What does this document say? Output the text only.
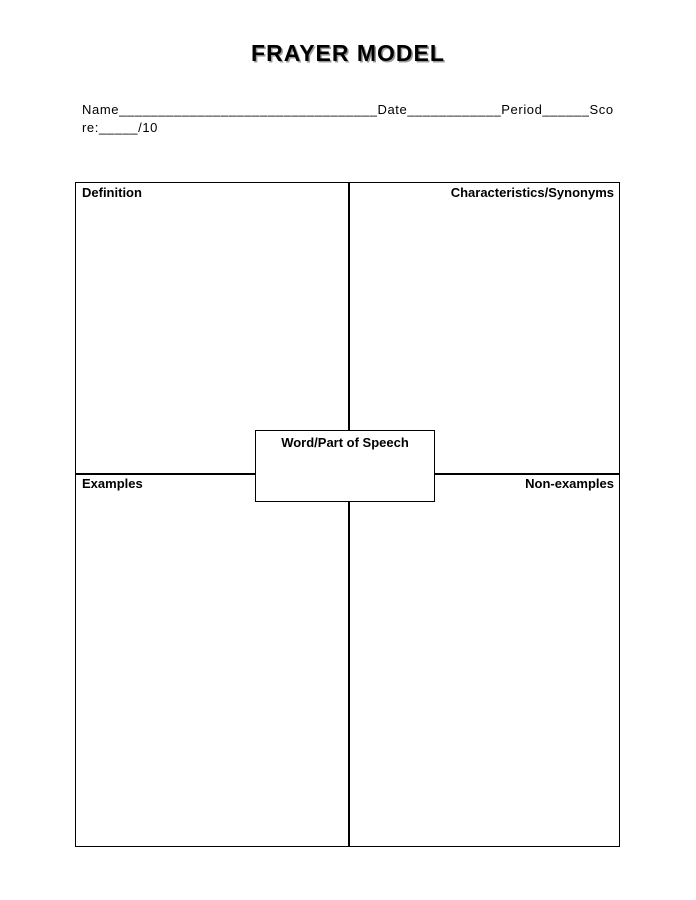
FRAYER MODEL
Name_________________________________Date____________Period______Score:_____/10
Definition	Characteristics/Synonyms
Examples	Non-examples
Word/Part of Speech
